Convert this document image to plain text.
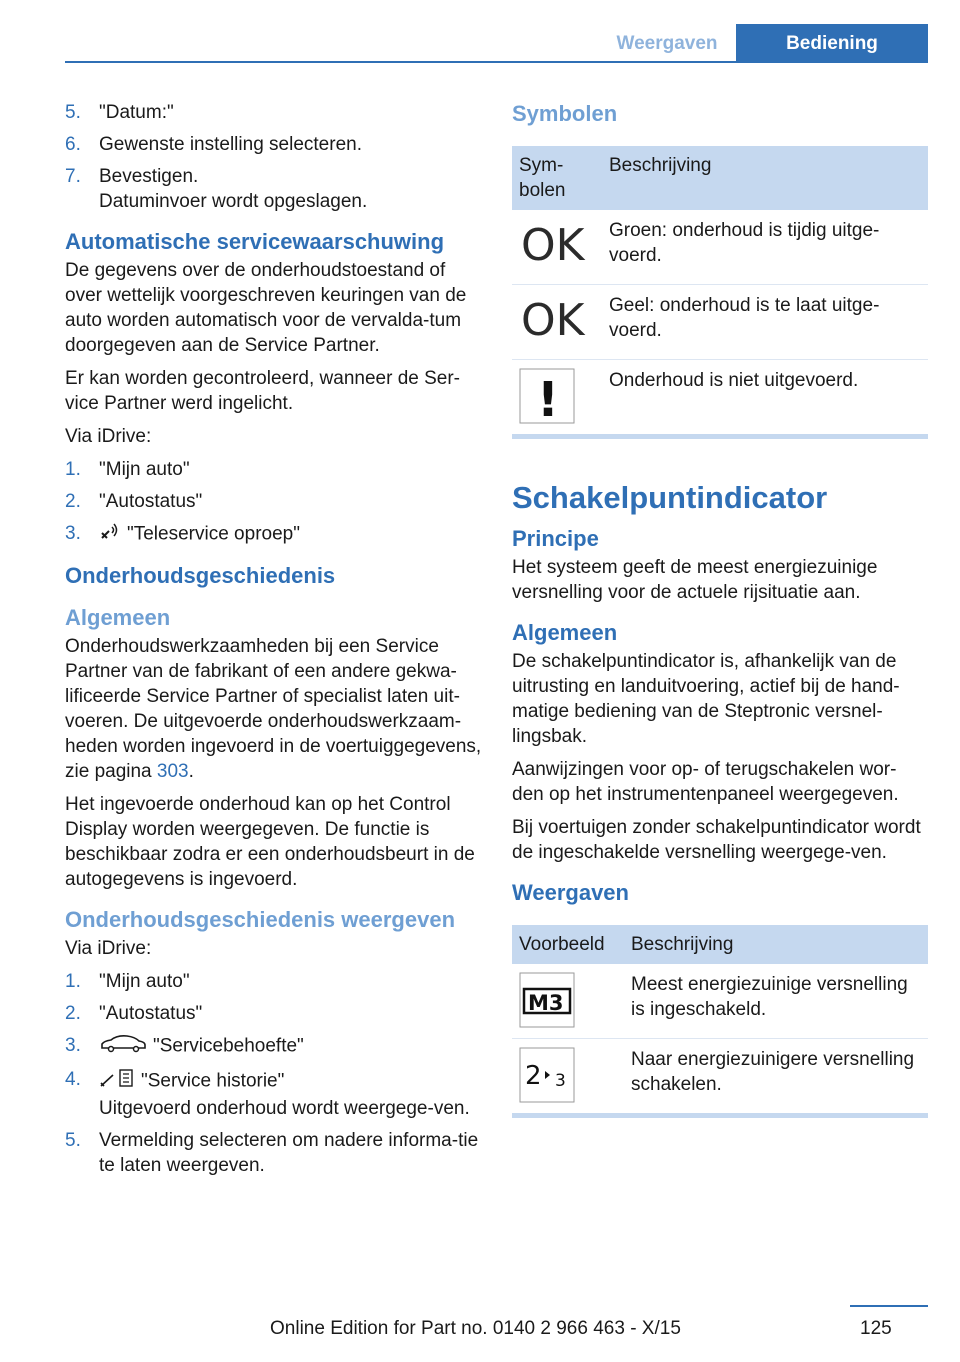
Weergaven	Bediening
5. "Datum:"
6. Gewenste instelling selecteren.
7. Bevestigen.
Datuminvoer wordt opgeslagen.
Automatische servicewaarschuwing

De gegevens over de onderhoudstoestand of over wettelijk voorgeschreven keuringen van de auto worden automatisch voor de vervalda‐tum doorgegeven aan de Service Partner.

Er kan worden gecontroleerd, wanneer de Ser‐vice Partner werd ingelicht.

Via iDrive:

1. "Mijn auto"
2. "Autostatus"
3. "Teleservice oproep"
Onderhoudsgeschiedenis
Algemeen

Onderhoudswerkzaamheden bij een Service Partner van de fabrikant of een andere gekwa‐lificeerde Service Partner of specialist laten uit‐voeren. De uitgevoerde onderhoudswerkzaam‐heden worden ingevoerd in de voertuiggegevens, zie pagina 303.

Het ingevoerde onderhoud kan op het Control Display worden weergegeven. De functie is beschikbaar zodra er een onderhoudsbeurt in de autogegevens is ingevoerd.

Onderhoudsgeschiedenis weergeven

Via iDrive:

1. "Mijn auto"
2. "Autostatus"
3.	"Servicebehoefte"
4.	"Service historie"
Uitgevoerd onderhoud wordt weergege‐ven.
5. Vermelding selecteren om nadere informa‐tie te laten weergeven.
Symbolen
Sym‐bolen	Beschrijving

OK	Groen: onderhoud is tijdig uitge‐voerd.

OK	Geel: onderhoud is te laat uitge‐voerd.

!	Onderhoud is niet uitgevoerd.
Schakelpuntindicator
Principe

Het systeem geeft de meest energiezuinige versnelling voor de actuele rijsituatie aan.

Algemeen

De schakelpuntindicator is, afhankelijk van de uitrusting en landuitvoering, actief bij de hand‐matige bediening van de Steptronic versnel‐lingsbak.

Aanwijzingen voor op- of terugschakelen wor‐den op het instrumentenpaneel weergegeven.

Bij voertuigen zonder schakelpuntindicator wordt de ingeschakelde versnelling weergege‐ven.

Weergaven
Voorbeeld	Beschrijving

M3	Meest energiezuinige versnelling is ingeschakeld.

2 3	Naar energiezuinigere versnelling schakelen.
125
Online Edition for Part no. 0140 2 966 463 - X/15
